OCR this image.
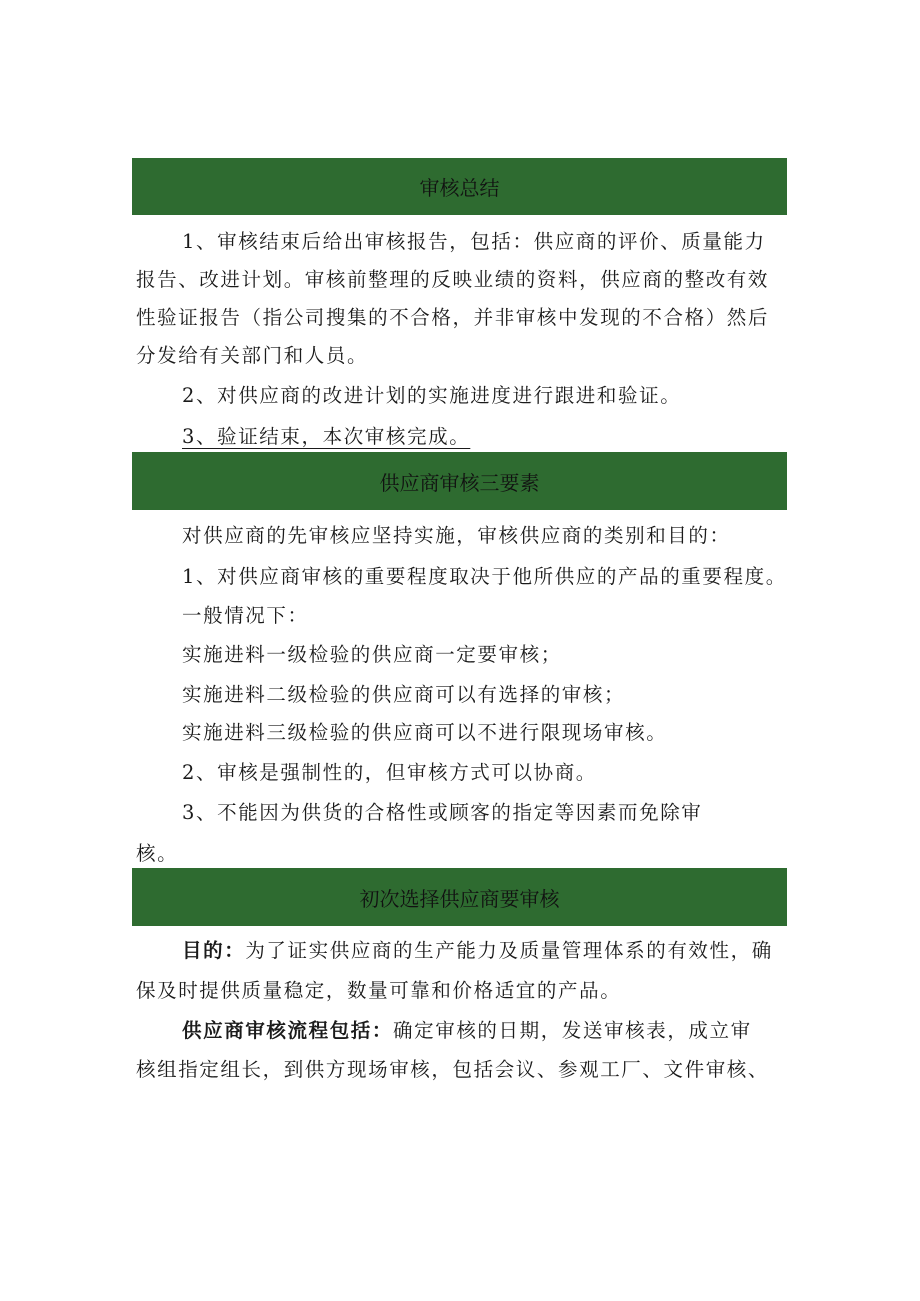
审核总结
1、审核结束后给出审核报告，包括：供应商的评价、质量能力
报告、改进计划。审核前整理的反映业绩的资料，供应商的整改有效
性验证报告（指公司搜集的不合格，并非审核中发现的不合格）然后
分发给有关部门和人员。
2、对供应商的改进计划的实施进度进行跟进和验证。
3、验证结束，本次审核完成。
供应商审核三要素
对供应商的先审核应坚持实施，审核供应商的类别和目的：
1、对供应商审核的重要程度取决于他所供应的产品的重要程度。
一般情况下：
实施进料一级检验的供应商一定要审核；
实施进料二级检验的供应商可以有选择的审核；
实施进料三级检验的供应商可以不进行限现场审核。
2、审核是强制性的，但审核方式可以协商。
3、不能因为供货的合格性或顾客的指定等因素而免除审
核。
初次选择供应商要审核
目的：为了证实供应商的生产能力及质量管理体系的有效性，确
保及时提供质量稳定，数量可靠和价格适宜的产品。
供应商审核流程包括：确定审核的日期，发送审核表，成立审
核组指定组长，到供方现场审核，包括会议、参观工厂、文件审核、
